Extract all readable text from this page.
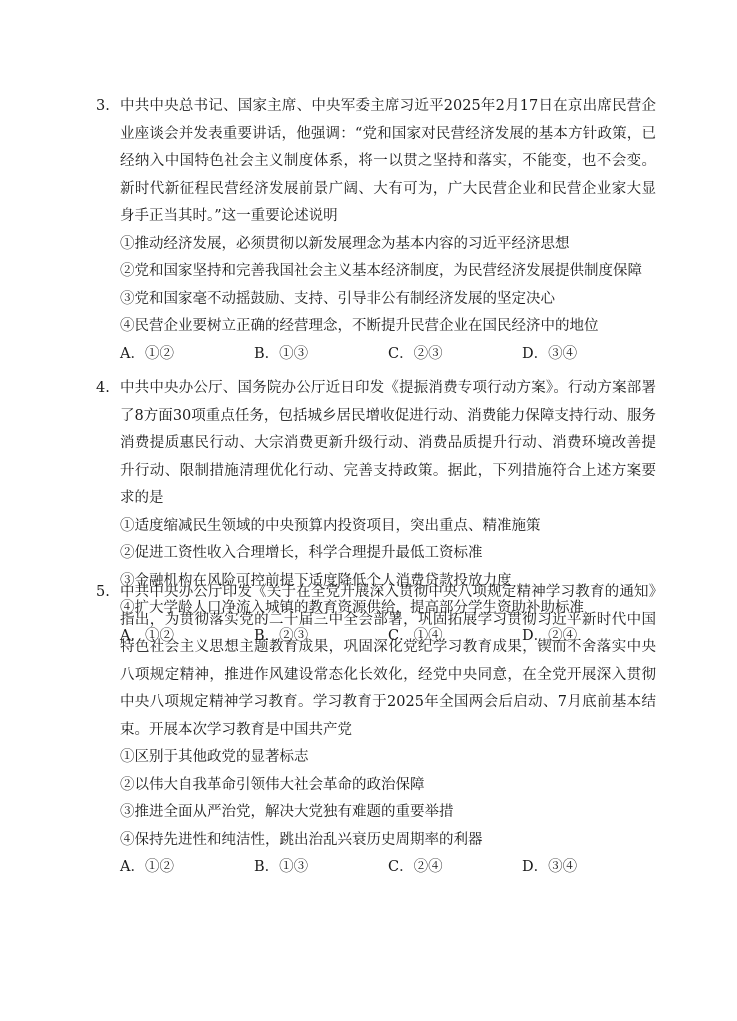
3. 中共中央总书记、国家主席、中央军委主席习近平2025年2月17日在京出席民营企业座谈会并发表重要讲话，他强调：“党和国家对民营经济发展的基本方针政策，已经纳入中国特色社会主义制度体系，将一以贯之坚持和落实，不能变，也不会变。新时代新征程民营经济发展前景广阔、大有可为，广大民营企业和民营企业家大显身手正当其时。”这一重要论述说明

①推动经济发展，必须贯彻以新发展理念为基本内容的习近平经济思想

②党和国家坚持和完善我国社会主义基本经济制度，为民营经济发展提供制度保障

③党和国家毫不动摇鼓励、支持、引导非公有制经济发展的坚定决心

④民营企业要树立正确的经营理念，不断提升民营企业在国民经济中的地位

A．①②	B．①③	C．②③	D．③④

4. 中共中央办公厅、国务院办公厅近日印发《提振消费专项行动方案》。行动方案部署了8方面30项重点任务，包括城乡居民增收促进行动、消费能力保障支持行动、服务消费提质惠民行动、大宗消费更新升级行动、消费品质提升行动、消费环境改善提升行动、限制措施清理优化行动、完善支持政策。据此，下列措施符合上述方案要求的是

①适度缩减民生领域的中央预算内投资项目，突出重点、精准施策

②促进工资性收入合理增长，科学合理提升最低工资标准

③金融机构在风险可控前提下适度降低个人消费贷款投放力度

④扩大学龄人口净流入城镇的教育资源供给，提高部分学生资助补助标准

A．①②	B．②③	C．①④	D．②④

5. 中共中央办公厅印发《关于在全党开展深入贯彻中央八项规定精神学习教育的通知》指出，为贯彻落实党的二十届三中全会部署，巩固拓展学习贯彻习近平新时代中国特色社会主义思想主题教育成果，巩固深化党纪学习教育成果，锲而不舍落实中央八项规定精神，推进作风建设常态化长效化，经党中央同意，在全党开展深入贯彻中央八项规定精神学习教育。学习教育于2025年全国两会后启动、7月底前基本结束。开展本次学习教育是中国共产党

①区别于其他政党的显著标志

②以伟大自我革命引领伟大社会革命的政治保障

③推进全面从严治党，解决大党独有难题的重要举措

④保持先进性和纯洁性，跳出治乱兴衰历史周期率的利器

A．①②	B．①③	C．②④	D．③④
